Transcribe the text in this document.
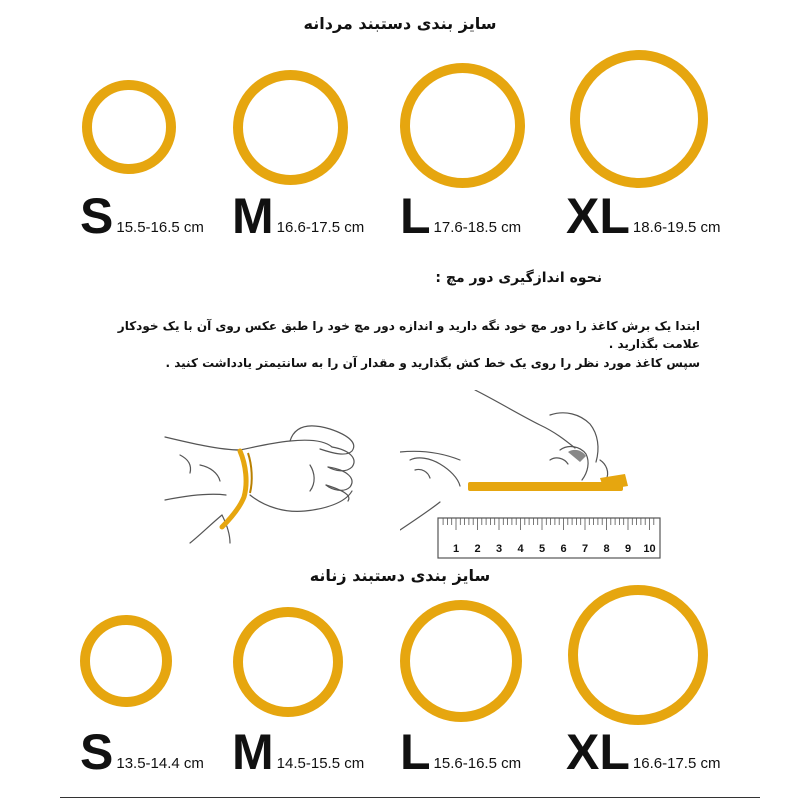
سایز بندی دستبند مردانه
S 15.5-16.5 cm M 16.6-17.5 cm L 17.6-18.5 cm XL 18.6-19.5 cm
نحوه اندازگیری دور مچ :
ابتدا یک برش کاغذ را دور مچ خود نگه دارید و اندازه دور مچ خود را طبق عکس روی آن با یک خودکار علامت بگذارید .
سپس کاغذ مورد نظر را روی یک خط کش بگذارید و مقدار آن را به سانتیمتر یادداشت کنید .
1 2 3 4 5 6 7 8 9 10
سایز بندی دستبند زنانه
S 13.5-14.4 cm M 14.5-15.5 cm L 15.6-16.5 cm XL 16.6-17.5 cm
